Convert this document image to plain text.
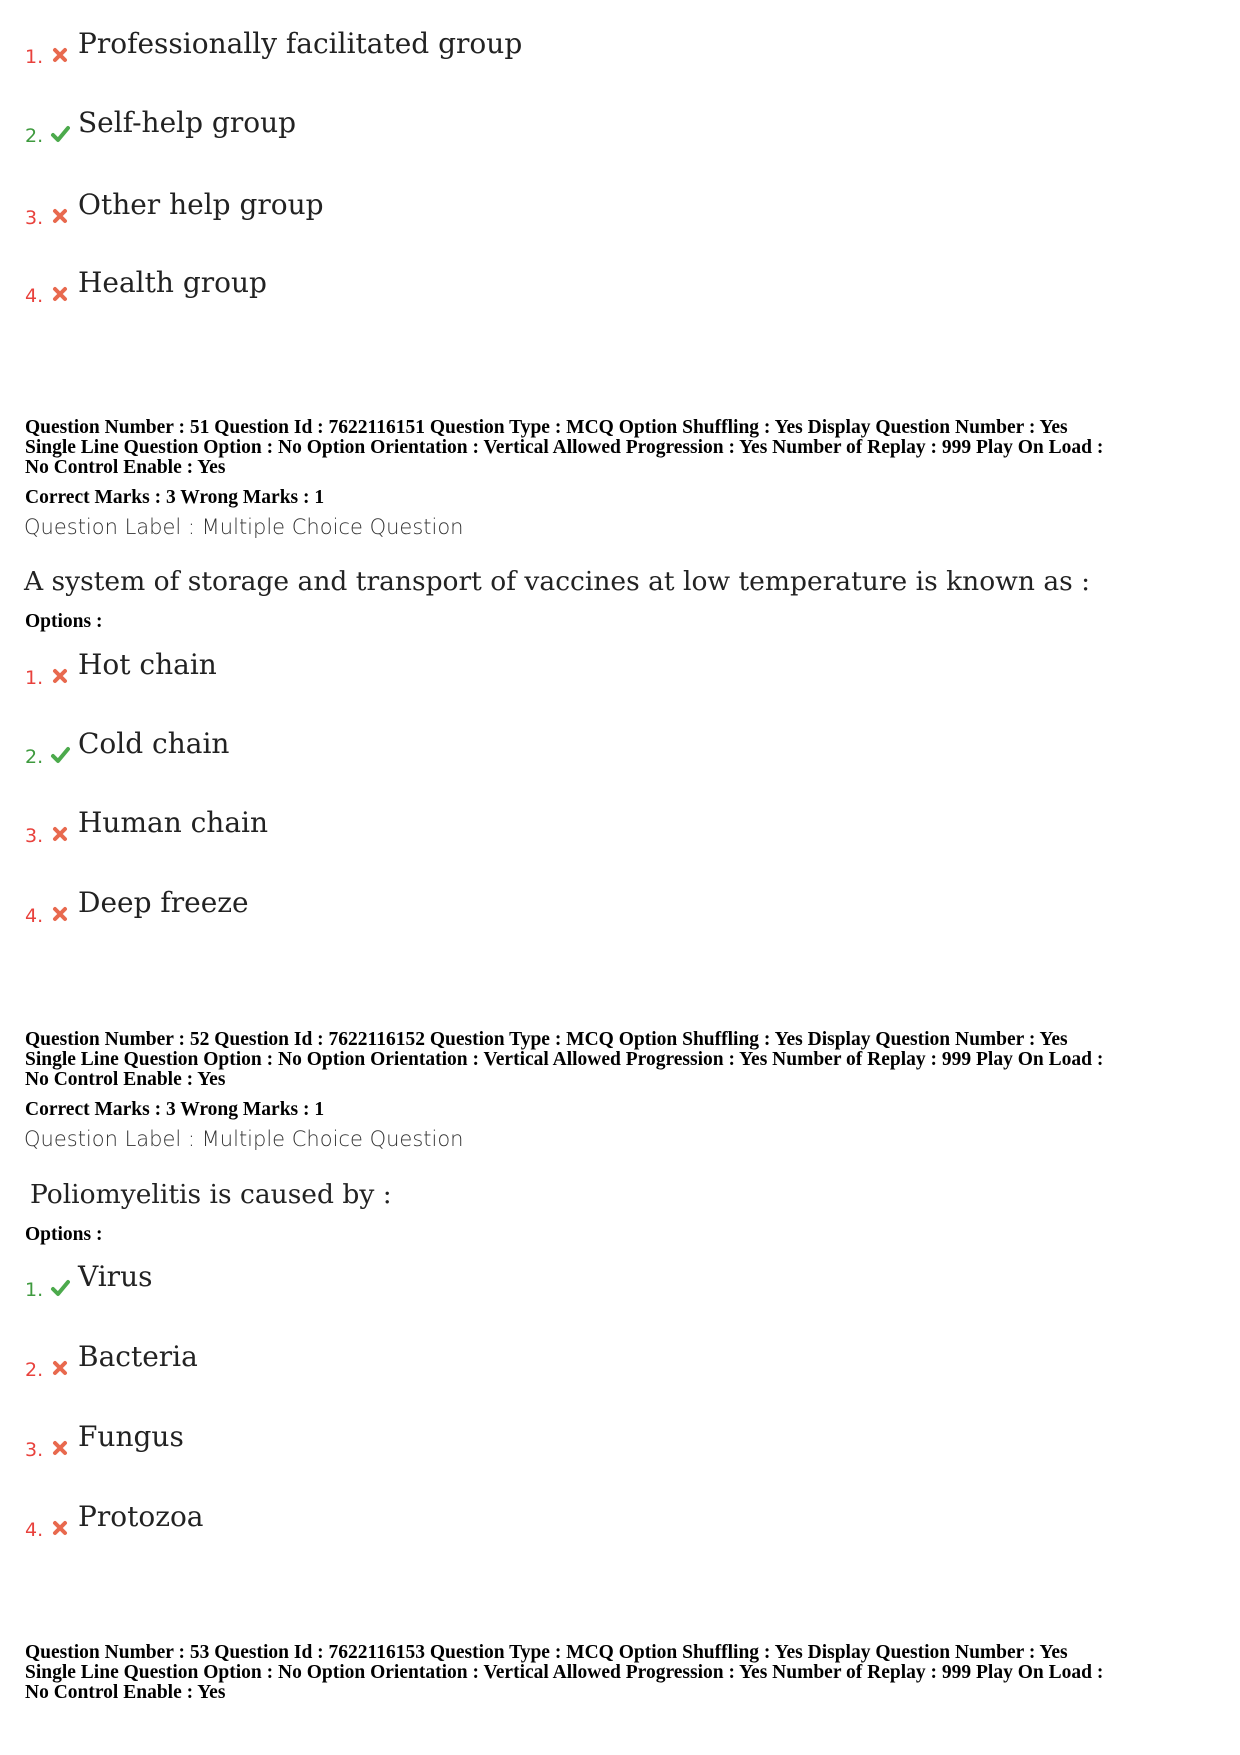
1. Professionally facilitated group
2. Self-help group
3. Other help group
4. Health group
Question Number : 51 Question Id : 7622116151 Question Type : MCQ Option Shuffling : Yes Display Question Number : Yes
Single Line Question Option : No Option Orientation : Vertical Allowed Progression : Yes Number of Replay : 999 Play On Load :
No Control Enable : Yes
Correct Marks : 3 Wrong Marks : 1
Question Label : Multiple Choice Question
A system of storage and transport of vaccines at low temperature is known as :
Options :
1. Hot chain
2. Cold chain
3. Human chain
4. Deep freeze
Question Number : 52 Question Id : 7622116152 Question Type : MCQ Option Shuffling : Yes Display Question Number : Yes
Single Line Question Option : No Option Orientation : Vertical Allowed Progression : Yes Number of Replay : 999 Play On Load :
No Control Enable : Yes
Correct Marks : 3 Wrong Marks : 1
Question Label : Multiple Choice Question
Poliomyelitis is caused by :
Options :
1. Virus
2. Bacteria
3. Fungus
4. Protozoa
Question Number : 53 Question Id : 7622116153 Question Type : MCQ Option Shuffling : Yes Display Question Number : Yes
Single Line Question Option : No Option Orientation : Vertical Allowed Progression : Yes Number of Replay : 999 Play On Load :
No Control Enable : Yes
